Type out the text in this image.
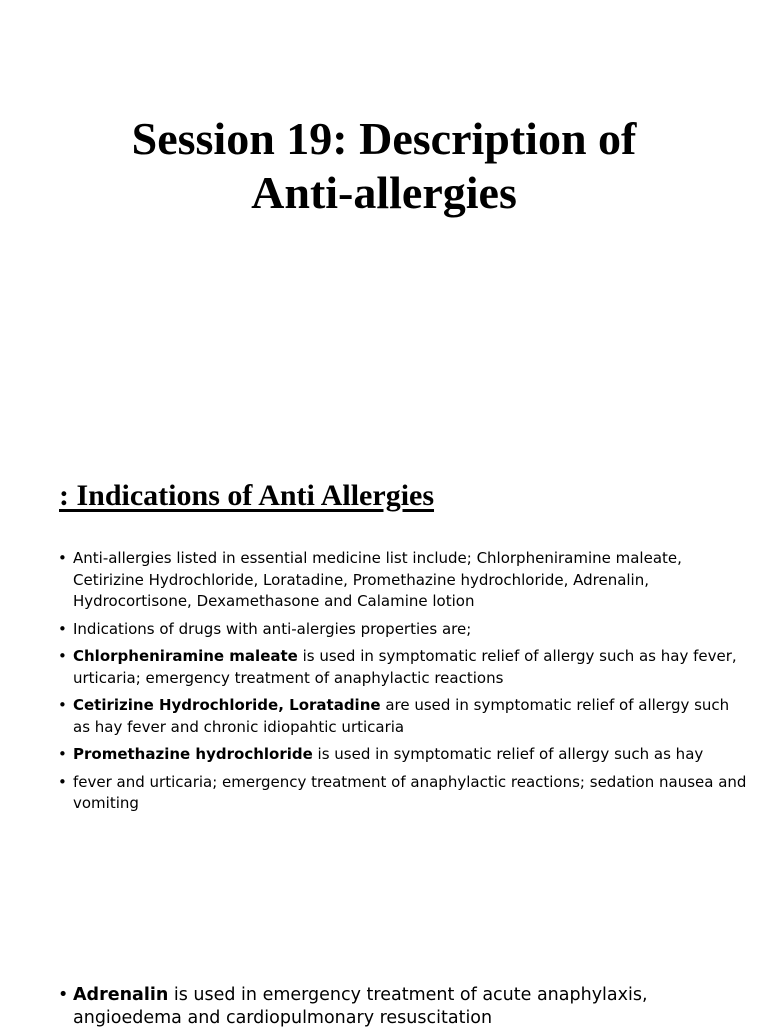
Session 19: Description of
Anti-allergies
: Indications of Anti Allergies
• Anti-allergies listed in essential medicine list include; Chlorpheniramine maleate, Cetirizine Hydrochloride, Loratadine, Promethazine hydrochloride, Adrenalin, Hydrocortisone, Dexamethasone and Calamine lotion
• Indications of drugs with anti-alergies properties are;
• Chlorpheniramine maleate is used in symptomatic relief of allergy such as hay fever, urticaria; emergency treatment of anaphylactic reactions
• Cetirizine Hydrochloride, Loratadine are used in symptomatic relief of allergy such as hay fever and chronic idiopahtic urticaria
• Promethazine hydrochloride is used in symptomatic relief of allergy such as hay
• fever and urticaria; emergency treatment of anaphylactic reactions; sedation nausea and vomiting
• Adrenalin is used in emergency treatment of acute anaphylaxis, angioedema and cardiopulmonary resuscitation
